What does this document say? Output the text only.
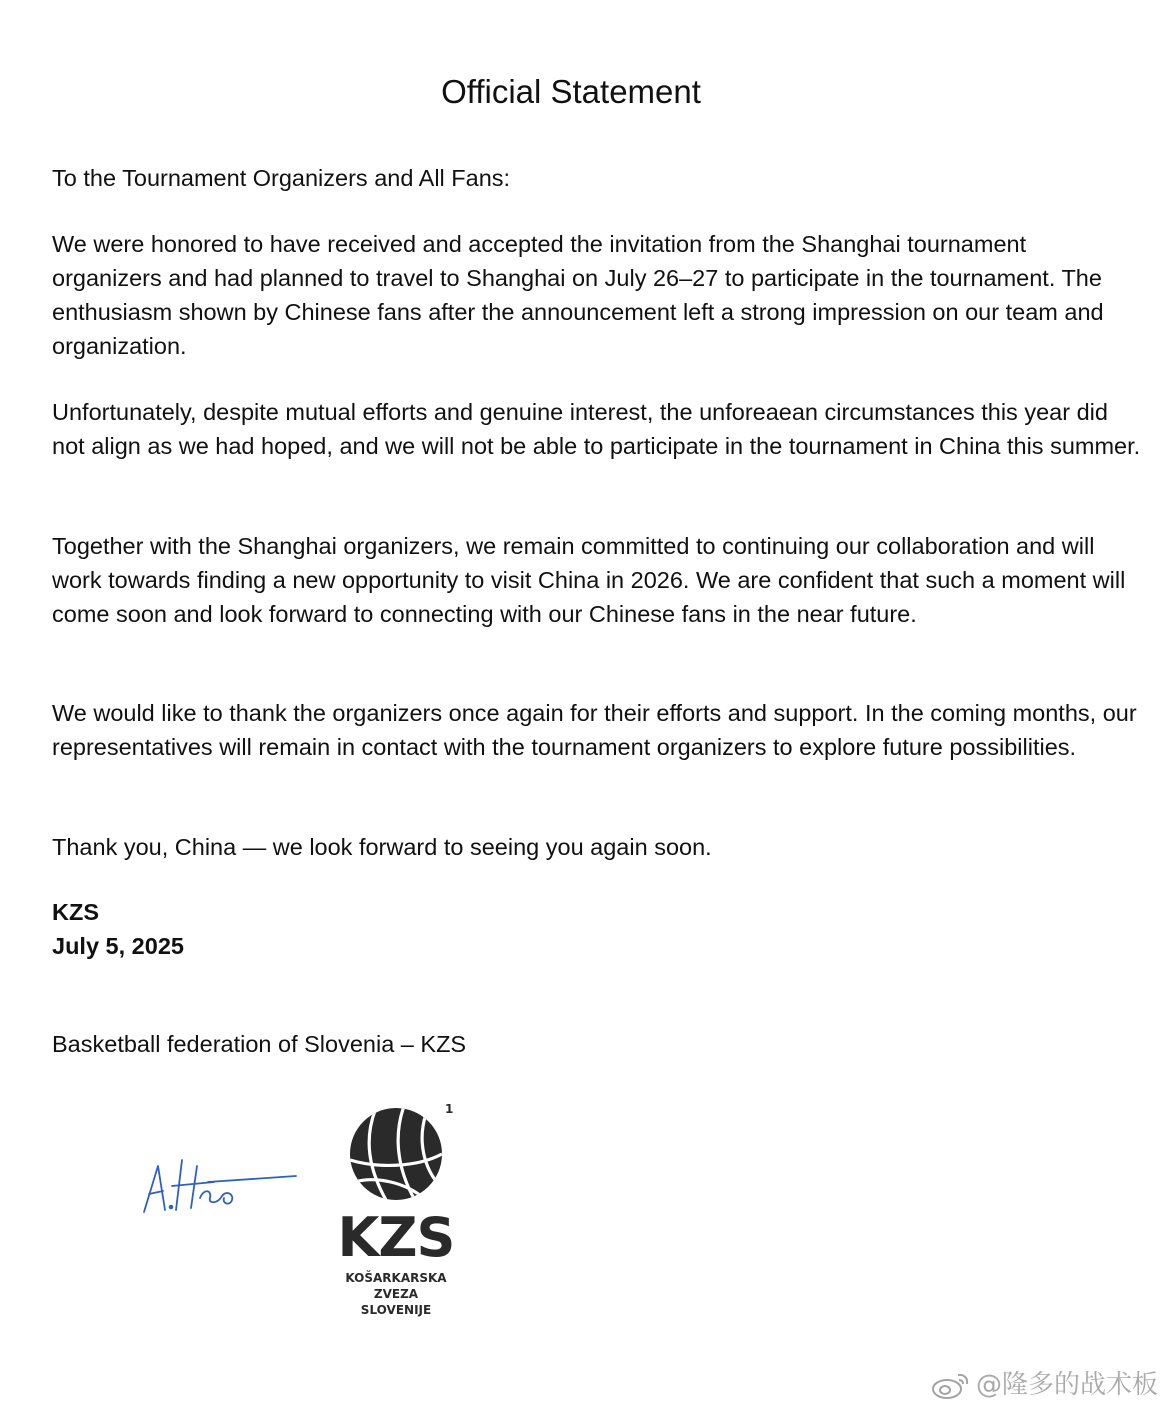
Official Statement

To the Tournament Organizers and All Fans:

We were honored to have received and accepted the invitation from the Shanghai tournament organizers and had planned to travel to Shanghai on July 26–27 to participate in the tournament. The enthusiasm shown by Chinese fans after the announcement left a strong impression on our team and organization.

Unfortunately, despite mutual efforts and genuine interest, the unforeaean circumstances this year did not align as we had hoped, and we will not be able to participate in the tournament in China this summer.

Together with the Shanghai organizers, we remain committed to continuing our collaboration and will work towards finding a new opportunity to visit China in 2026. We are confident that such a moment will come soon and look forward to connecting with our Chinese fans in the near future.

We would like to thank the organizers once again for their efforts and support. In the coming months, our representatives will remain in contact with the tournament organizers to explore future possibilities.

Thank you, China — we look forward to seeing you again soon.

KZS

July 5, 2025

Basketball federation of Slovenia – KZS

1
KZS
KOŠARKARSKA
ZVEZA
SLOVENIJE
@隆多的战术板
